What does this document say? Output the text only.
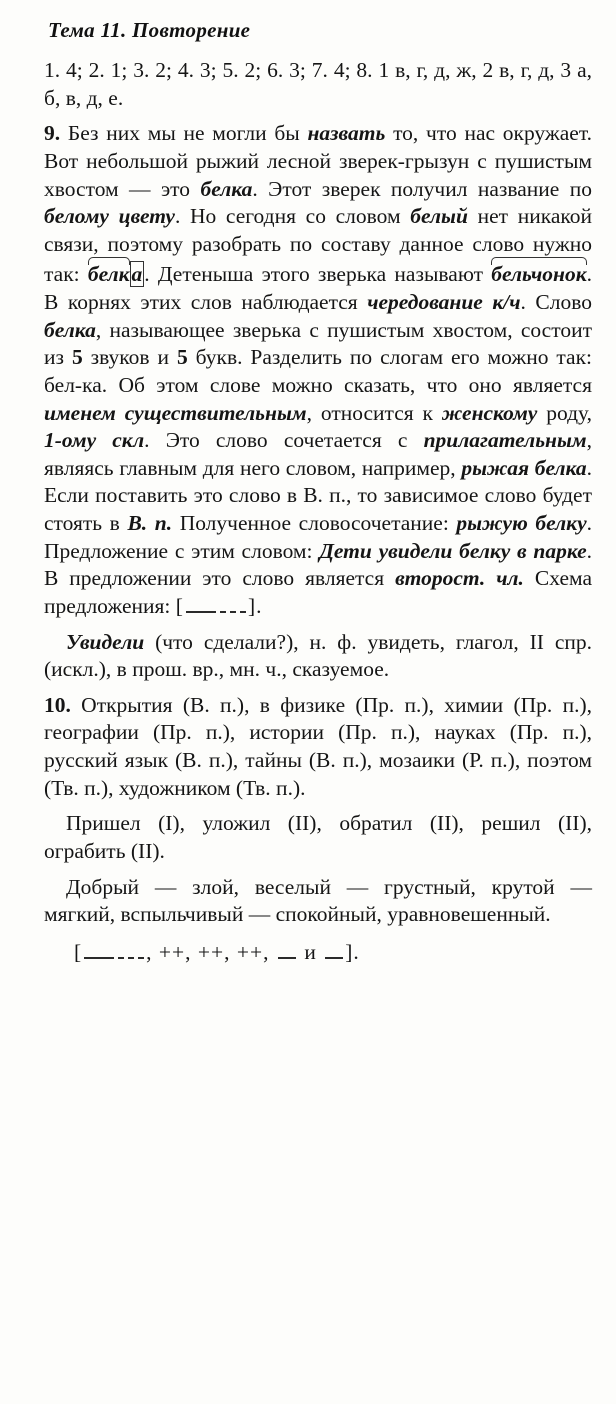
Тема 11. Повторение

1. 4; 2. 1; 3. 2; 4. 3; 5. 2; 6. 3; 7. 4; 8. 1 в, г, д, ж, 2 в, г, д, 3 а, б, в, д, е.

9. Без них мы не могли бы назвать то, что нас окружает. Вот небольшой рыжий лесной зверек-грызун с пушистым хвостом — это белка. Этот зверек получил название по белому цвету. Но сегодня со словом белый нет никакой связи, поэтому разобрать по составу данное слово нужно так: белка. Детеныша этого зверька называют бельчонок. В корнях этих слов наблюдается чередование к/ч. Слово белка, называющее зверька с пушистым хвостом, состоит из 5 звуков и 5 букв. Разделить по слогам его можно так: бел-ка. Об этом слове можно сказать, что оно является именем существительным, относится к женскому роду, 1-ому скл. Это слово сочетается с прилагательным, являясь главным для него словом, например, рыжая белка. Если поставить это слово в В. п., то зависимое слово будет стоять в В. п. Полученное словосочетание: рыжую белку. Предложение с этим словом: Дети увидели белку в парке. В предложении это слово является второст. чл. Схема предложения: [	].

Увидели (что сделали?), н. ф. увидеть, глагол, II спр. (искл.), в прош. вр., мн. ч., сказуемое.

10. Открытия (В. п.), в физике (Пр. п.), химии (Пр. п.), географии (Пр. п.), истории (Пр. п.), науках (Пр. п.), русский язык (В. п.), тайны (В. п.), мозаики (Р. п.), поэтом (Тв. п.), художником (Тв. п.).

Пришел (I), уложил (II), обратил (II), решил (II), ограбить (II).

Добрый — злой, веселый — грустный, крутой — мягкий, вспыльчивый — спокойный, уравновешенный.

[	, ++, ++, ++,  и ].
